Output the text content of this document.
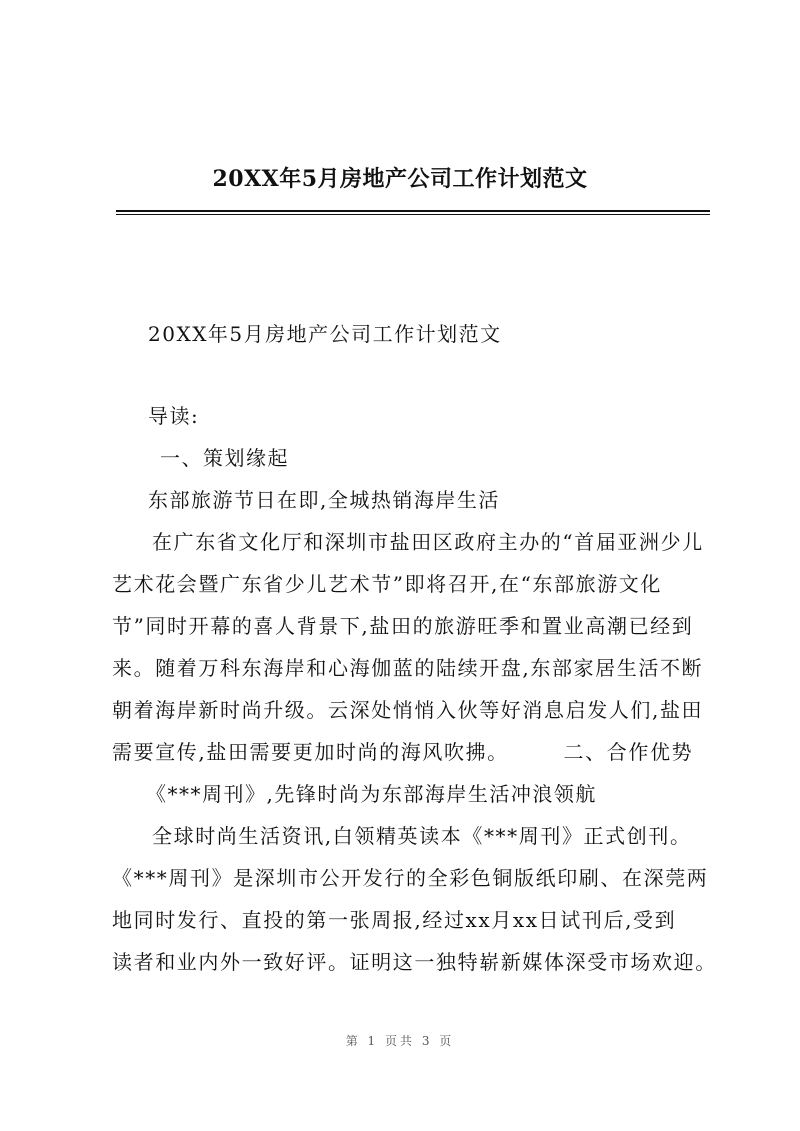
20XX年5月房地产公司工作计划范文
20XX年5月房地产公司工作计划范文
导读:
一、策划缘起
东部旅游节日在即,全城热销海岸生活
在广东省文化厅和深圳市盐田区政府主办的“首届亚洲少儿
艺术花会暨广东省少儿艺术节”即将召开,在“东部旅游文化
节”同时开幕的喜人背景下,盐田的旅游旺季和置业高潮已经到
来。随着万科东海岸和心海伽蓝的陆续开盘,东部家居生活不断
朝着海岸新时尚升级。云深处悄悄入伙等好消息启发人们,盐田
需要宣传,盐田需要更加时尚的海风吹拂。　　　二、合作优势
《***周刊》,先锋时尚为东部海岸生活冲浪领航
全球时尚生活资讯,白领精英读本《***周刊》正式创刊。
《***周刊》是深圳市公开发行的全彩色铜版纸印刷、在深莞两
地同时发行、直投的第一张周报,经过xx月xx日试刊后,受到
读者和业内外一致好评。证明这一独特崭新媒体深受市场欢迎。
第 1 页共 3 页
